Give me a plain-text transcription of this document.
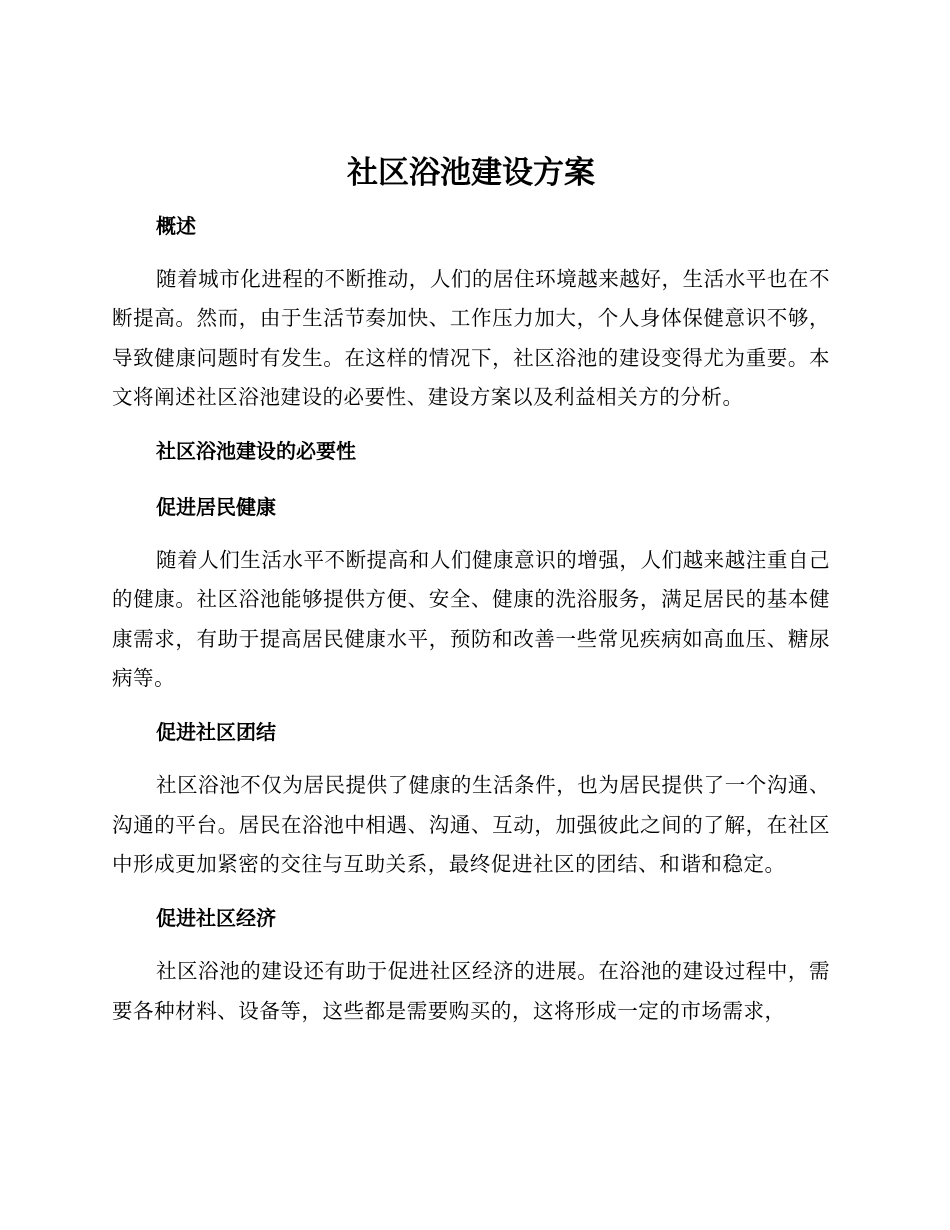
社区浴池建设方案
概述

随着城市化进程的不断推动，人们的居住环境越来越好，生活水平也在不断提高。然而，由于生活节奏加快、工作压力加大，个人身体保健意识不够，导致健康问题时有发生。在这样的情况下，社区浴池的建设变得尤为重要。本文将阐述社区浴池建设的必要性、建设方案以及利益相关方的分析。

社区浴池建设的必要性
促进居民健康

随着人们生活水平不断提高和人们健康意识的增强，人们越来越注重自己的健康。社区浴池能够提供方便、安全、健康的洗浴服务，满足居民的基本健康需求，有助于提高居民健康水平，预防和改善一些常见疾病如高血压、糖尿病等。

促进社区团结

社区浴池不仅为居民提供了健康的生活条件，也为居民提供了一个沟通、沟通的平台。居民在浴池中相遇、沟通、互动，加强彼此之间的了解，在社区中形成更加紧密的交往与互助关系，最终促进社区的团结、和谐和稳定。

促进社区经济

社区浴池的建设还有助于促进社区经济的进展。在浴池的建设过程中，需要各种材料、设备等，这些都是需要购买的，这将形成一定的市场需求，
